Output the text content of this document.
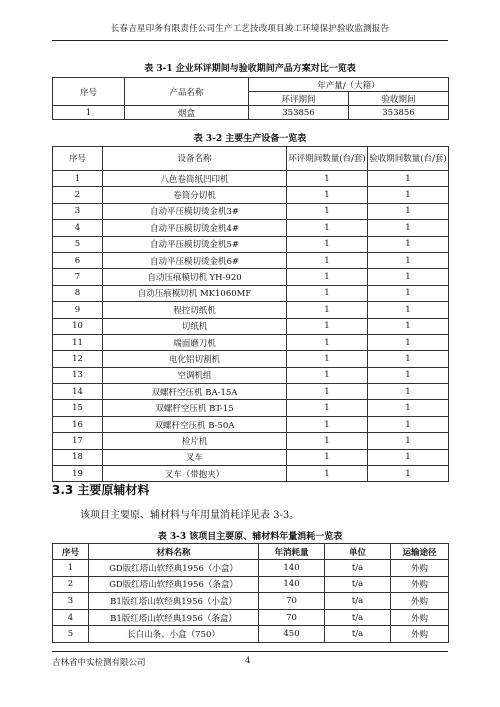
长春吉星印务有限责任公司生产工艺技改项目竣工环境保护验收监测报告
表 3-1 企业环评期间与验收期间产品方案对比一览表
序号	产品名称	年产量/（大箱）	
		环评期间	验收期间
1	烟盒	353856	353856
表 3-2 主要生产设备一览表
序号	设备名称	环评期间数量(台/套)	验收期间数量(台/套)
1	八色卷筒纸凹印机	1	1
2	卷筒分切机	1	1
3	自动平压模切烫金机3#	1	1
4	自动平压模切烫金机4#	1	1
5	自动平压模切烫金机5#	1	1
6	自动平压模切烫金机6#	1	1
7	自动压痕模切机 YH-920	1	1
8	自动压痕模切机 MK1060MF	1	1
9	程控切纸机	1	1
10	切纸机	1	1
11	端面磨刀机	1	1
12	电化铝切割机	1	1
13	空调机组	1	1
14	双螺杆空压机 BA-15A	1	1
15	双螺杆空压机 BT-15	1	1
16	双螺杆空压机 B-50A	1	1
17	检片机	1	1
18	叉车	1	1
19	叉车（带抱夹）	1	1
3.3 主要原辅材料
该项目主要原、辅材料与年用量消耗详见表 3-3。
表 3-3 该项目主要原、辅材料年量消耗一览表
序号	材料名称	年消耗量	单位	运输途径
1	GD版红塔山软经典1956（小盒）	140	t/a	外购
2	GD版红塔山软经典1956（条盒）	140	t/a	外购
3	B1版红塔山软经典1956（小盒）	70	t/a	外购
4	B1版红塔山软经典1956（条盒）	70	t/a	外购
5	长白山条、小盒（750）	450	t/a	外购
吉林省中实检测有限公司	4
